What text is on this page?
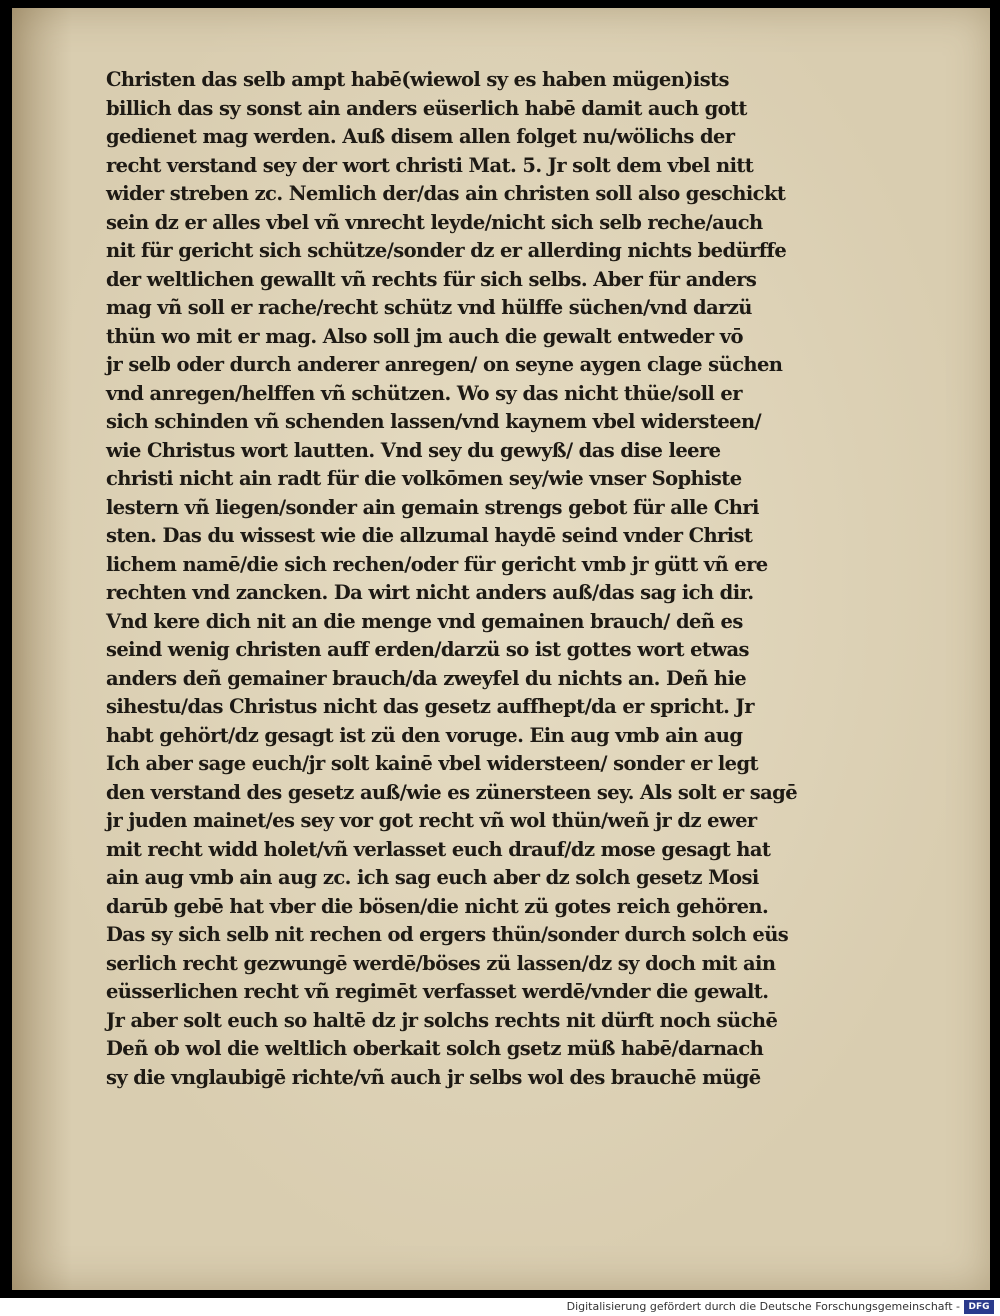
Christen das selb ampt habē(wiewol sy es haben mügen)ists
billich das sy sonst ain anders eüserlich habē damit auch gott
gedienet mag werden. Auß disem allen folget nu/wölichs der
recht verstand sey der wort christi Mat. 5. Jr solt dem vbel nitt
wider streben zc. Nemlich der/das ain christen soll also geschickt
sein dz er alles vbel vñ vnrecht leyde/nicht sich selb reche/auch
nit für gericht sich schütze/sonder dz er allerding nichts bedürffe
der weltlichen gewallt vñ rechts für sich selbs. Aber für anders
mag vñ soll er rache/recht schütz vnd hülffe süchen/vnd darzü
thün wo mit er mag. Also soll jm auch die gewalt entweder vō
jr selb oder durch anderer anregen/ on seyne aygen clage süchen
vnd anregen/helffen vñ schützen. Wo sy das nicht thüe/soll er
sich schinden vñ schenden lassen/vnd kaynem vbel widersteen/
wie Christus wort lautten. Vnd sey du gewyß/ das dise leere
christi nicht ain radt für die volkōmen sey/wie vnser Sophiste
lestern vñ liegen/sonder ain gemain strengs gebot für alle Chri
sten. Das du wissest wie die allzumal haydē seind vnder Christ
lichem namē/die sich rechen/oder für gericht vmb jr gütt vñ ere
rechten vnd zancken. Da wirt nicht anders auß/das sag ich dir.
Vnd kere dich nit an die menge vnd gemainen brauch/ deñ es
seind wenig christen auff erden/darzü so ist gottes wort etwas
anders deñ gemainer brauch/da zweyfel du nichts an. Deñ hie
sihestu/das Christus nicht das gesetz auffhept/da er spricht. Jr
habt gehört/dz gesagt ist zü den voruge. Ein aug vmb ain aug
Ich aber sage euch/jr solt kainē vbel widersteen/ sonder er legt
den verstand des gesetz auß/wie es zünersteen sey. Als solt er sagē
jr juden mainet/es sey vor got recht vñ wol thün/weñ jr dz ewer
mit recht widd holet/vñ verlasset euch drauf/dz mose gesagt hat
ain aug vmb ain aug zc. ich sag euch aber dz solch gesetz Mosi
darūb gebē hat vber die bösen/die nicht zü gotes reich gehören.
Das sy sich selb nit rechen od ergers thün/sonder durch solch eüs
serlich recht gezwungē werdē/böses zü lassen/dz sy doch mit ain
eüsserlichen recht vñ regimēt verfasset werdē/vnder die gewalt.
Jr aber solt euch so haltē dz jr solchs rechts nit dürft noch süchē
Deñ ob wol die weltlich oberkait solch gsetz müß habē/darnach
sy die vnglaubigē richte/vñ auch jr selbs wol des brauchē mügē
Digitalisierung gefördert durch die Deutsche Forschungsgemeinschaft - DFG
